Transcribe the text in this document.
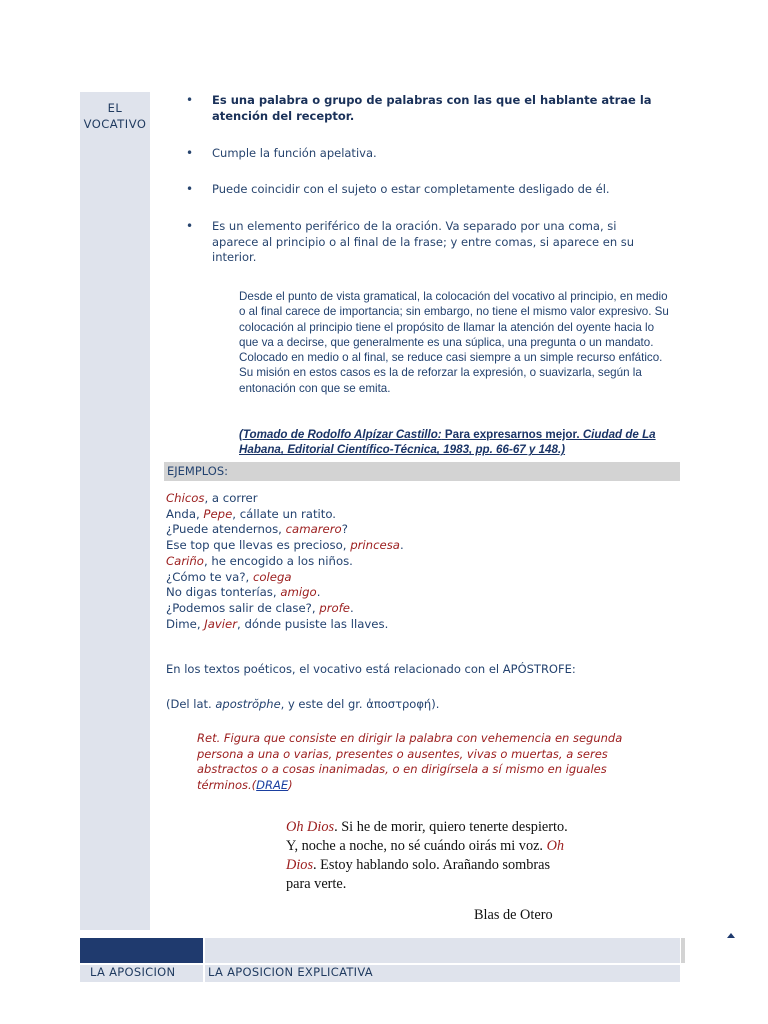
EL
VOCATIVO
• Es una palabra o grupo de palabras con las que el hablante atrae la atención del receptor.
• Cumple la función apelativa.
• Puede coincidir con el sujeto o estar completamente desligado de él.
• Es un elemento periférico de la oración. Va separado por una coma, si aparece al principio o al final de la frase; y entre comas, si aparece en su interior.
Desde el punto de vista gramatical, la colocación del vocativo al principio, en medio o al final carece de importancia; sin embargo, no tiene el mismo valor expresivo. Su colocación al principio tiene el propósito de llamar la atención del oyente hacia lo que va a decirse, que generalmente es una súplica, una pregunta o un mandato. Colocado en medio o al final, se reduce casi siempre a un simple recurso enfático. Su misión en estos casos es la de reforzar la expresión, o suavizarla, según la entonación con que se emita.
(Tomado de Rodolfo Alpízar Castillo: Para expresarnos mejor. Ciudad de La Habana, Editorial Científico-Técnica, 1983, pp. 66-67 y 148.)
EJEMPLOS:
Chicos, a correr
Anda, Pepe, cállate un ratito.
¿Puede atendernos, camarero?
Ese top que llevas es precioso, princesa.
Cariño, he encogido a los niños.
¿Cómo te va?, colega
No digas tonterías, amigo.
¿Podemos salir de clase?, profe.
Dime, Javier, dónde pusiste las llaves.
En los textos poéticos, el vocativo está relacionado con el APÓSTROFE:
(Del lat. apostrŏphe, y este del gr. ἀποστροφή).
Ret. Figura que consiste en dirigir la palabra con vehemencia en segunda persona a una o varias, presentes o ausentes, vivas o muertas, a seres abstractos o a cosas inanimadas, o en dirigírsela a sí mismo en iguales términos.(DRAE)
Oh Dios. Si he de morir, quiero tenerte despierto. Y, noche a noche, no sé cuándo oirás mi voz. Oh Dios. Estoy hablando solo. Arañando sombras para verte.
Blas de Otero
LA APOSICION	LA APOSICION EXPLICATIVA
